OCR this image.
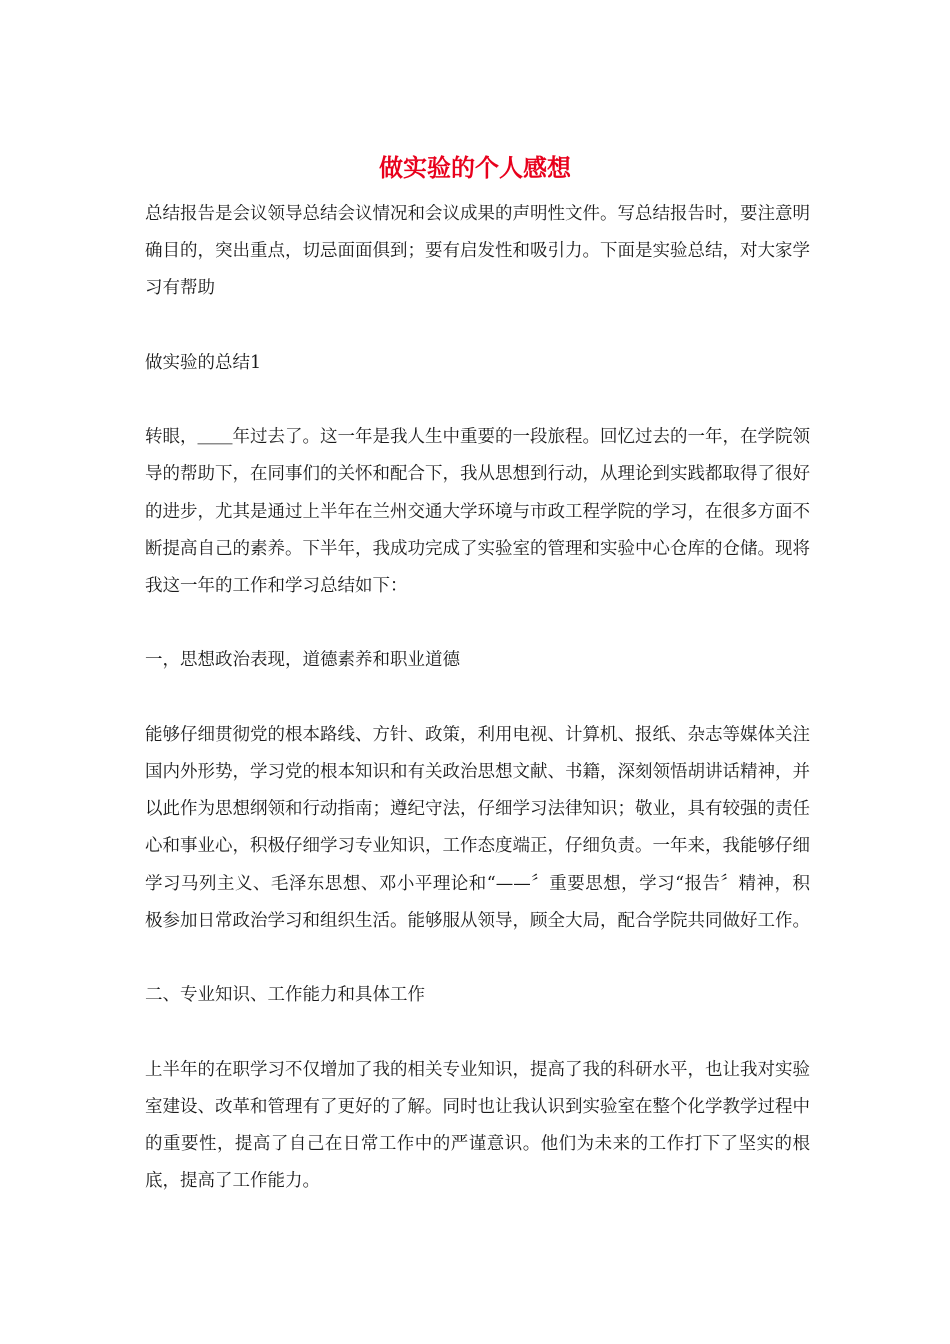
做实验的个人感想

总结报告是会议领导总结会议情况和会议成果的声明性文件。写总结报告时，要注意明确目的，突出重点，切忌面面俱到；要有启发性和吸引力。下面是实验总结，对大家学习有帮助

做实验的总结1

转眼，＿＿年过去了。这一年是我人生中重要的一段旅程。回忆过去的一年，在学院领导的帮助下，在同事们的关怀和配合下，我从思想到行动，从理论到实践都取得了很好的进步，尤其是通过上半年在兰州交通大学环境与市政工程学院的学习，在很多方面不断提高自己的素养。下半年，我成功完成了实验室的管理和实验中心仓库的仓储。现将我这一年的工作和学习总结如下：

一，思想政治表现，道德素养和职业道德

能够仔细贯彻党的根本路线、方针、政策，利用电视、计算机、报纸、杂志等媒体关注国内外形势，学习党的根本知识和有关政治思想文献、书籍，深刻领悟胡讲话精神，并以此作为思想纲领和行动指南；遵纪守法，仔细学习法律知识；敬业，具有较强的责任心和事业心，积极仔细学习专业知识，工作态度端正，仔细负责。一年来，我能够仔细学习马列主义、毛泽东思想、邓小平理论和“——〞重要思想，学习“报告〞精神，积极参加日常政治学习和组织生活。能够服从领导，顾全大局，配合学院共同做好工作。

二、专业知识、工作能力和具体工作

上半年的在职学习不仅增加了我的相关专业知识，提高了我的科研水平，也让我对实验室建设、改革和管理有了更好的了解。同时也让我认识到实验室在整个化学教学过程中的重要性，提高了自己在日常工作中的严谨意识。他们为未来的工作打下了坚实的根底，提高了工作能力。
